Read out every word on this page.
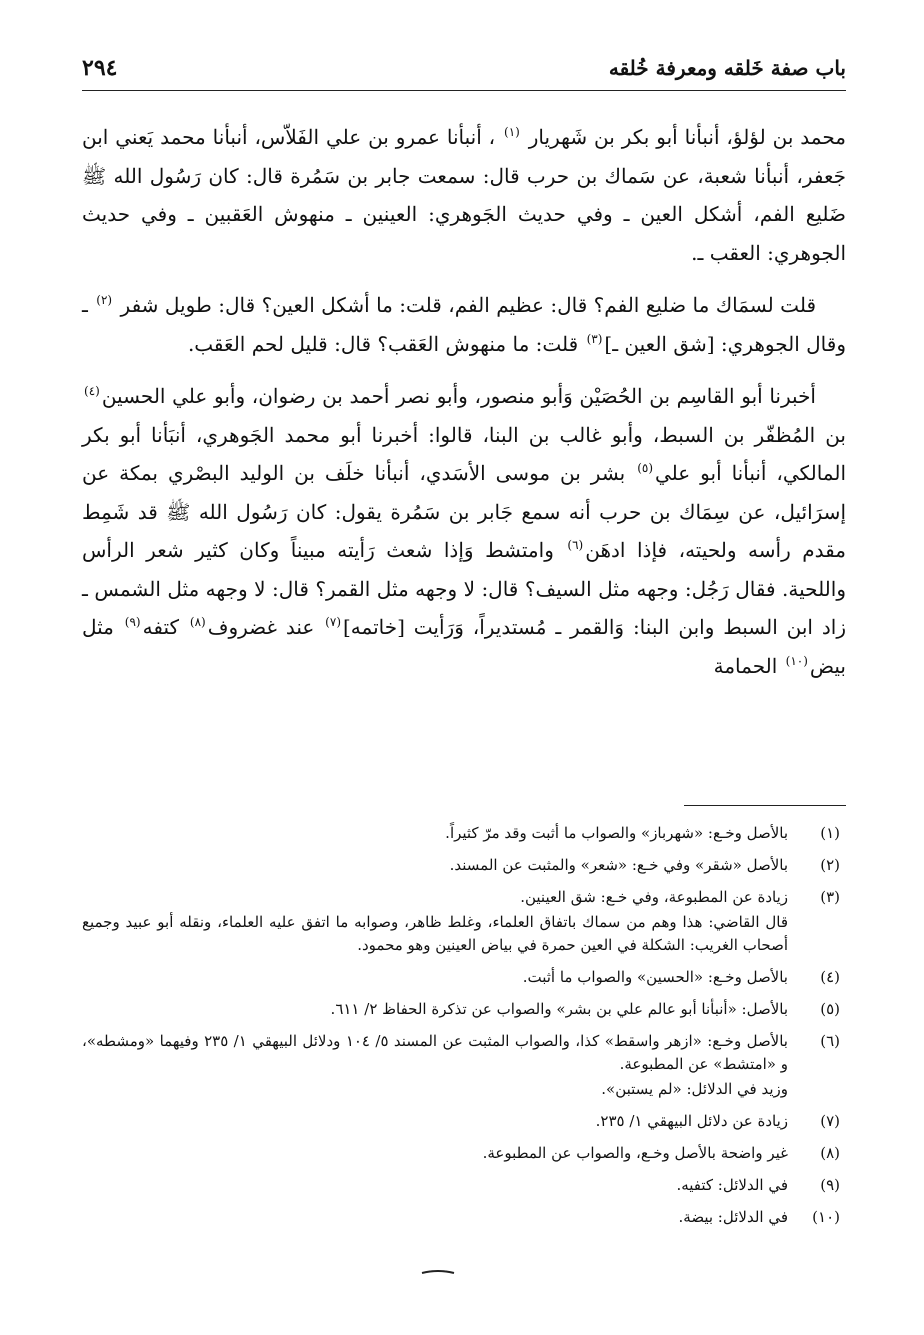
باب صفة خَلقه ومعرفة خُلقه
٢٩٤

محمد بن لؤلؤ، أنبأنا أبو بكر بن شَهريار $^{(١)}$ ، أنبأنا عمرو بن علي الفَلاّس، أنبأنا محمد يَعني ابن جَعفر، أنبأنا شعبة، عن سَماك بن حرب قال: سمعت جابر بن سَمُرة قال: كان رَسُول الله ﷺ ضَليع الفم، أشكل العين ـ وفي حديث الجَوهري: العينين ـ منهوش العَقبين ـ وفي حديث الجوهري: العقب ـ.

قلت لسمَاك ما ضليع الفم؟ قال: عظيم الفم، قلت: ما أشكل العين؟ قال: طويل شفر $^{(٢)}$ ـ وقال الجوهري: [شق العين ـ]$^{(٣)}$ قلت: ما منهوش العَقب؟ قال: قليل لحم العَقب.

أخبرنا أبو القاسِم بن الحُصَيْن وَأبو منصور، وأبو نصر أحمد بن رضوان، وأبو علي الحسين$^{(٤)}$ بن المُظفّر بن السبط، وأبو غالب بن البنا، قالوا: أخبرنا أبو محمد الجَوهري، أنبَأنا أبو بكر المالكي، أنبأنا أبو علي$^{(٥)}$ بشر بن موسى الأسَدي، أنبأنا خلَف بن الوليد البصْري بمكة عن إسرَائيل، عن سِمَاك بن حرب أنه سمع جَابر بن سَمُرة يقول: كان رَسُول الله ﷺ قد شَمِط مقدم رأسه ولحيته، فإذا ادهَن$^{(٦)}$ وامتشط وَإذا شعث رَأيته مبيناً وكان كثير شعر الرأس واللحية. فقال رَجُل: وجهه مثل السيف؟ قال: لا وجهه مثل القمر؟ قال: لا وجهه مثل الشمس ـ زاد ابن السبط وابن البنا: وَالقمر ـ مُستديراً، وَرَأيت [خاتمه]$^{(٧)}$ عند غضروف$^{(٨)}$ كتفه$^{(٩)}$ مثل بيض$^{(١٠)}$ الحمامة

(١)
بالأصل وخـع: «شهرباز» والصواب ما أثبت وقد مرّ كثيراً.
(٢)
بالأصل «شقر» وفي خـع: «شعر» والمثبت عن المسند.
(٣)
زيادة عن المطبوعة، وفي خـع: شق العينين.
قال القاضي: هذا وهم من سماك باتفاق العلماء، وغلط ظاهر، وصوابه ما اتفق عليه العلماء، ونقله أبو عبيد وجميع أصحاب الغريب: الشكلة في العين حمرة في بياض العينين وهو محمود.
(٤)
بالأصل وخـع: «الحسين» والصواب ما أثبت.
(٥)
بالأصل: «أنبأنا أبو عالم علي بن بشر» والصواب عن تذكرة الحفاظ ٢/ ٦١١.
(٦)
بالأصل وخـع: «ازهر واسقط» كذا، والصواب المثبت عن المسند ٥/ ١٠٤ ودلائل البيهقي ١/ ٢٣٥ وفيهما «ومشطه»، و «امتشط» عن المطبوعة.
وزيد في الدلائل: «لم يستبن».
(٧)
زيادة عن دلائل البيهقي ١/ ٢٣٥.
(٨)
غير واضحة بالأصل وخـع، والصواب عن المطبوعة.
(٩)
في الدلائل: كتفيه.
(١٠)
في الدلائل: بيضة.
